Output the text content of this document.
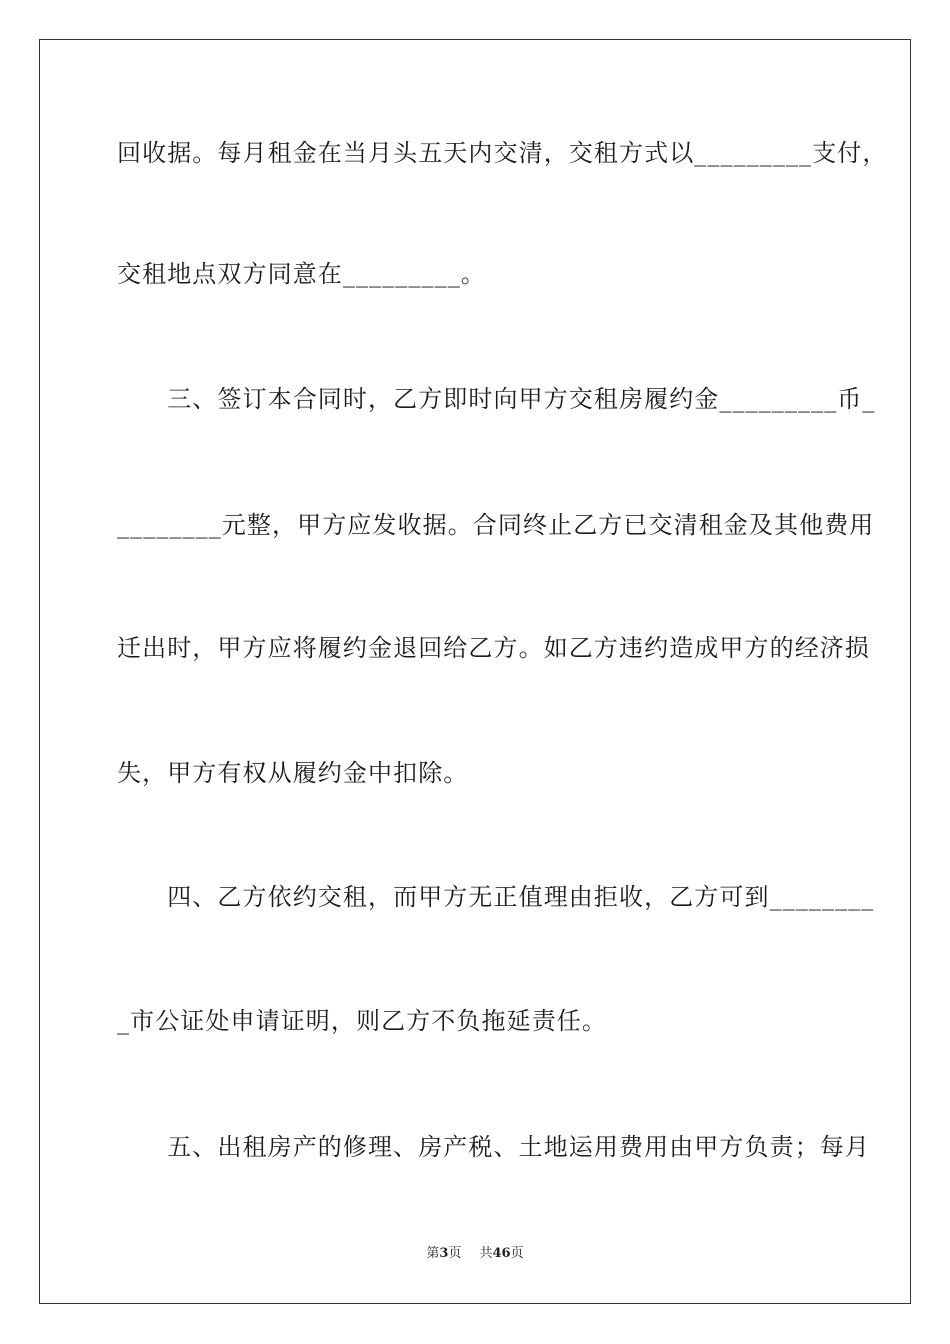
回收据。每月租金在当月头五天内交清，交租方式以_________支付，
交租地点双方同意在_________。
　　三、签订本合同时，乙方即时向甲方交租房履约金_________币_
________元整，甲方应发收据。合同终止乙方已交清租金及其他费用
迁出时，甲方应将履约金退回给乙方。如乙方违约造成甲方的经济损
失，甲方有权从履约金中扣除。
　　四、乙方依约交租，而甲方无正值理由拒收，乙方可到________
_市公证处申请证明，则乙方不负拖延责任。
　　五、出租房产的修理、房产税、土地运用费用由甲方负责；每月
第3页 共46页
